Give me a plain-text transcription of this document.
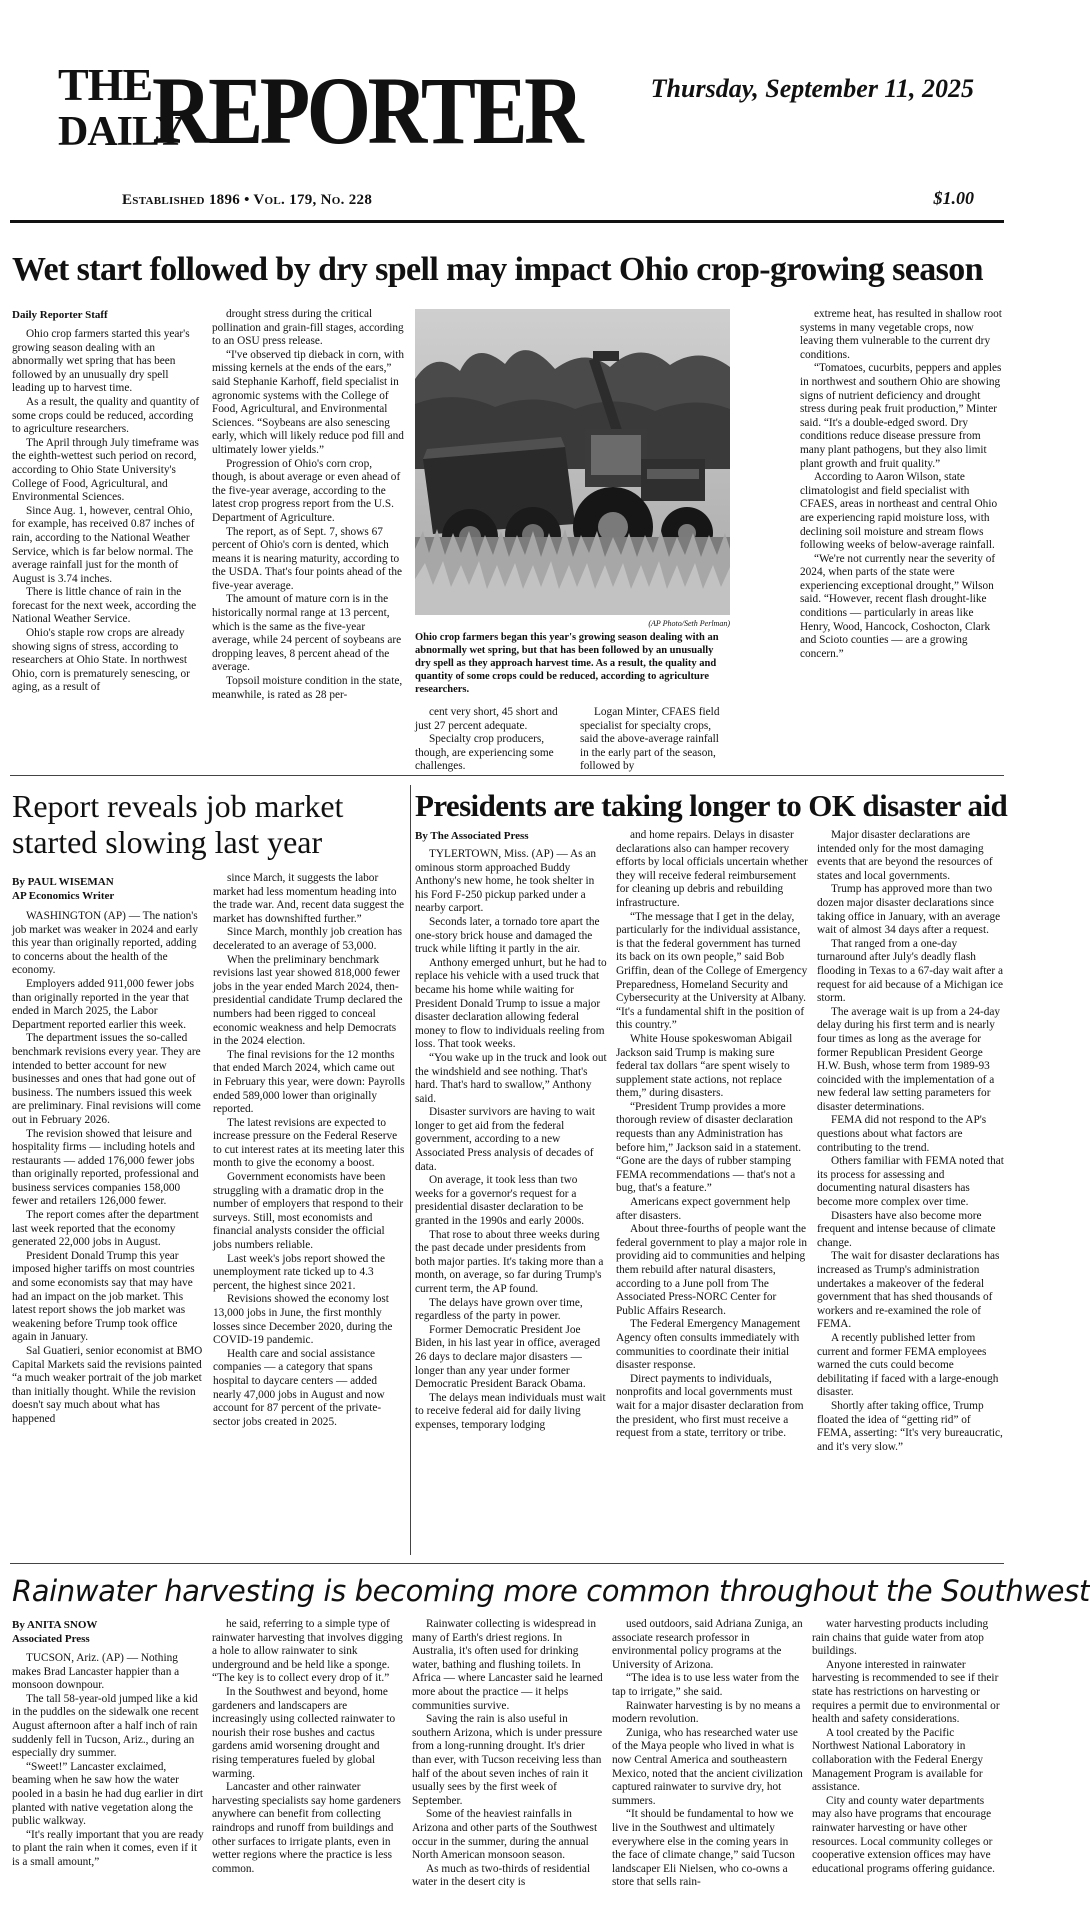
THE
DAILY
REPORTER	Thursday, September 11, 2025
Established 1896 • Vol. 179, No. 228	$1.00
Wet start followed by dry spell may impact Ohio crop-growing season
Daily Reporter Staff

Ohio crop farmers started this year's growing season dealing with an abnormally wet spring that has been followed by an unusually dry spell leading up to harvest time.

As a result, the quality and quantity of some crops could be reduced, according to agriculture researchers.

The April through July timeframe was the eighth-wettest such period on record, according to Ohio State University's College of Food, Agricultural, and Environmental Sciences.

Since Aug. 1, however, central Ohio, for example, has received 0.87 inches of rain, according to the National Weather Service, which is far below normal. The average rainfall just for the month of August is 3.74 inches.

There is little chance of rain in the forecast for the next week, according the National Weather Service.

Ohio's staple row crops are already showing signs of stress, according to researchers at Ohio State. In northwest Ohio, corn is prematurely senescing, or aging, as a result of

drought stress during the critical pollination and grain-fill stages, according to an OSU press release.

“I've observed tip dieback in corn, with missing kernels at the ends of the ears,” said Stephanie Karhoff, field specialist in agronomic systems with the College of Food, Agricultural, and Environmental Sciences. “Soybeans are also senescing early, which will likely reduce pod fill and ultimately lower yields.”

Progression of Ohio's corn crop, though, is about average or even ahead of the five-year average, according to the latest crop progress report from the U.S. Department of Agriculture.

The report, as of Sept. 7, shows 67 percent of Ohio's corn is dented, which means it is nearing maturity, according to the USDA. That's four points ahead of the five-year average.

The amount of mature corn is in the historically normal range at 13 percent, which is the same as the five-year average, while 24 percent of soybeans are dropping leaves, 8 percent ahead of the average.

Topsoil moisture condition in the state, meanwhile, is rated as 28 per-

(AP Photo/Seth Perlman)
Ohio crop farmers began this year's growing season dealing with an abnormally wet spring, but that has been followed by an unusually dry spell as they approach harvest time. As a result, the quality and quantity of some crops could be reduced, according to agriculture researchers.

cent very short, 45 short and just 27 percent adequate.

Specialty crop producers, though, are experiencing some challenges.

Logan Minter, CFAES field specialist for specialty crops, said the above-average rainfall in the early part of the season, followed by

extreme heat, has resulted in shallow root systems in many vegetable crops, now leaving them vulnerable to the current dry conditions.

“Tomatoes, cucurbits, peppers and apples in northwest and southern Ohio are showing signs of nutrient deficiency and drought stress during peak fruit production,” Minter said. “It's a double-edged sword. Dry conditions reduce disease pressure from many plant pathogens, but they also limit plant growth and fruit quality.”

According to Aaron Wilson, state climatologist and field specialist with CFAES, areas in northeast and central Ohio are experiencing rapid moisture loss, with declining soil moisture and stream flows following weeks of below-average rainfall.

“We're not currently near the severity of 2024, when parts of the state were experiencing exceptional drought,” Wilson said. “However, recent flash drought-like conditions — particularly in areas like Henry, Wood, Hancock, Coshocton, Clark and Scioto counties — are a growing concern.”

Report reveals job market
started slowing last year
By PAUL WISEMAN
AP Economics Writer

WASHINGTON (AP) — The nation's job market was weaker in 2024 and early this year than originally reported, adding to concerns about the health of the economy.

Employers added 911,000 fewer jobs than originally reported in the year that ended in March 2025, the Labor Department reported earlier this week.

The department issues the so-called benchmark revisions every year. They are intended to better account for new businesses and ones that had gone out of business. The numbers issued this week are preliminary. Final revisions will come out in February 2026.

The revision showed that leisure and hospitality firms — including hotels and restaurants — added 176,000 fewer jobs than originally reported, professional and business services companies 158,000 fewer and retailers 126,000 fewer.

The report comes after the department last week reported that the economy generated 22,000 jobs in August.

President Donald Trump this year imposed higher tariffs on most countries and some economists say that may have had an impact on the job market. This latest report shows the job market was weakening before Trump took office again in January.

Sal Guatieri, senior economist at BMO Capital Markets said the revisions painted “a much weaker portrait of the job market than initially thought. While the revision doesn't say much about what has happened

since March, it suggests the labor market had less momentum heading into the trade war. And, recent data suggest the market has downshifted further.”

Since March, monthly job creation has decelerated to an average of 53,000.

When the preliminary benchmark revisions last year showed 818,000 fewer jobs in the year ended March 2024, then-presidential candidate Trump declared the numbers had been rigged to conceal economic weakness and help Democrats in the 2024 election.

The final revisions for the 12 months that ended March 2024, which came out in February this year, were down: Payrolls ended 589,000 lower than originally reported.

The latest revisions are expected to increase pressure on the Federal Reserve to cut interest rates at its meeting later this month to give the economy a boost.

Government economists have been struggling with a dramatic drop in the number of employers that respond to their surveys. Still, most economists and financial analysts consider the official jobs numbers reliable.

Last week's jobs report showed the unemployment rate ticked up to 4.3 percent, the highest since 2021.

Revisions showed the economy lost 13,000 jobs in June, the first monthly losses since December 2020, during the COVID-19 pandemic.

Health care and social assistance companies — a category that spans hospital to daycare centers — added nearly 47,000 jobs in August and now account for 87 percent of the private-sector jobs created in 2025.

Presidents are taking longer to OK disaster aid
By The Associated Press

TYLERTOWN, Miss. (AP) — As an ominous storm approached Buddy Anthony's new home, he took shelter in his Ford F-250 pickup parked under a nearby carport.

Seconds later, a tornado tore apart the one-story brick house and damaged the truck while lifting it partly in the air.

Anthony emerged unhurt, but he had to replace his vehicle with a used truck that became his home while waiting for President Donald Trump to issue a major disaster declaration allowing federal money to flow to individuals reeling from loss. That took weeks.

“You wake up in the truck and look out the windshield and see nothing. That's hard. That's hard to swallow,” Anthony said.

Disaster survivors are having to wait longer to get aid from the federal government, according to a new Associated Press analysis of decades of data.

On average, it took less than two weeks for a governor's request for a presidential disaster declaration to be granted in the 1990s and early 2000s.

That rose to about three weeks during the past decade under presidents from both major parties. It's taking more than a month, on average, so far during Trump's current term, the AP found.

The delays have grown over time, regardless of the party in power.

Former Democratic President Joe Biden, in his last year in office, averaged 26 days to declare major disasters — longer than any year under former Democratic President Barack Obama.

The delays mean individuals must wait to receive federal aid for daily living expenses, temporary lodging

and home repairs. Delays in disaster declarations also can hamper recovery efforts by local officials uncertain whether they will receive federal reimbursement for cleaning up debris and rebuilding infrastructure.

“The message that I get in the delay, particularly for the individual assistance, is that the federal government has turned its back on its own people,” said Bob Griffin, dean of the College of Emergency Preparedness, Homeland Security and Cybersecurity at the University at Albany. “It's a fundamental shift in the position of this country.”

White House spokeswoman Abigail Jackson said Trump is making sure federal tax dollars “are spent wisely to supplement state actions, not replace them,” during disasters.

“President Trump provides a more thorough review of disaster declaration requests than any Administration has before him,” Jackson said in a statement. “Gone are the days of rubber stamping FEMA recommendations — that's not a bug, that's a feature.”

Americans expect government help after disasters.

About three-fourths of people want the federal government to play a major role in providing aid to communities and helping them rebuild after natural disasters, according to a June poll from The Associated Press-NORC Center for Public Affairs Research.

The Federal Emergency Management Agency often consults immediately with communities to coordinate their initial disaster response.

Direct payments to individuals, nonprofits and local governments must wait for a major disaster declaration from the president, who first must receive a request from a state, territory or tribe.

Major disaster declarations are intended only for the most damaging events that are beyond the resources of states and local governments.

Trump has approved more than two dozen major disaster declarations since taking office in January, with an average wait of almost 34 days after a request.

That ranged from a one-day turnaround after July's deadly flash flooding in Texas to a 67-day wait after a request for aid because of a Michigan ice storm.

The average wait is up from a 24-day delay during his first term and is nearly four times as long as the average for former Republican President George H.W. Bush, whose term from 1989-93 coincided with the implementation of a new federal law setting parameters for disaster determinations.

FEMA did not respond to the AP's questions about what factors are contributing to the trend.

Others familiar with FEMA noted that its process for assessing and documenting natural disasters has become more complex over time.

Disasters have also become more frequent and intense because of climate change.

The wait for disaster declarations has increased as Trump's administration undertakes a makeover of the federal government that has shed thousands of workers and re-examined the role of FEMA.

A recently published letter from current and former FEMA employees warned the cuts could become debilitating if faced with a large-enough disaster.

Shortly after taking office, Trump floated the idea of “getting rid” of FEMA, asserting: “It's very bureaucratic, and it's very slow.”

Rainwater harvesting is becoming more common throughout the Southwest
By ANITA SNOW
Associated Press

TUCSON, Ariz. (AP) — Nothing makes Brad Lancaster happier than a monsoon downpour.

The tall 58-year-old jumped like a kid in the puddles on the sidewalk one recent August afternoon after a half inch of rain suddenly fell in Tucson, Ariz., during an especially dry summer.

“Sweet!” Lancaster exclaimed, beaming when he saw how the water pooled in a basin he had dug earlier in dirt planted with native vegetation along the public walkway.

“It's really important that you are ready to plant the rain when it comes, even if it is a small amount,”

he said, referring to a simple type of rainwater harvesting that involves digging a hole to allow rainwater to sink underground and be held like a sponge. “The key is to collect every drop of it.”

In the Southwest and beyond, home gardeners and landscapers are increasingly using collected rainwater to nourish their rose bushes and cactus gardens amid worsening drought and rising temperatures fueled by global warming.

Lancaster and other rainwater harvesting specialists say home gardeners anywhere can benefit from collecting raindrops and runoff from buildings and other surfaces to irrigate plants, even in wetter regions where the practice is less common.

Rainwater collecting is widespread in many of Earth's driest regions. In Australia, it's often used for drinking water, bathing and flushing toilets. In Africa — where Lancaster said he learned more about the practice — it helps communities survive.

Saving the rain is also useful in southern Arizona, which is under pressure from a long-running drought. It's drier than ever, with Tucson receiving less than half of the about seven inches of rain it usually sees by the first week of September.

Some of the heaviest rainfalls in Arizona and other parts of the Southwest occur in the summer, during the annual North American monsoon season.

As much as two-thirds of residential water in the desert city is

used outdoors, said Adriana Zuniga, an associate research professor in environmental policy programs at the University of Arizona.

“The idea is to use less water from the tap to irrigate,” she said.

Rainwater harvesting is by no means a modern revolution.

Zuniga, who has researched water use of the Maya people who lived in what is now Central America and southeastern Mexico, noted that the ancient civilization captured rainwater to survive dry, hot summers.

“It should be fundamental to how we live in the Southwest and ultimately everywhere else in the coming years in the face of climate change,” said Tucson landscaper Eli Nielsen, who co-owns a store that sells rain-

water harvesting products including rain chains that guide water from atop buildings.

Anyone interested in rainwater harvesting is recommended to see if their state has restrictions on harvesting or requires a permit due to environmental or health and safety considerations.

A tool created by the Pacific Northwest National Laboratory in collaboration with the Federal Energy Management Program is available for assistance.

City and county water departments may also have programs that encourage rainwater harvesting or have other resources. Local community colleges or cooperative extension offices may have educational programs offering guidance.
